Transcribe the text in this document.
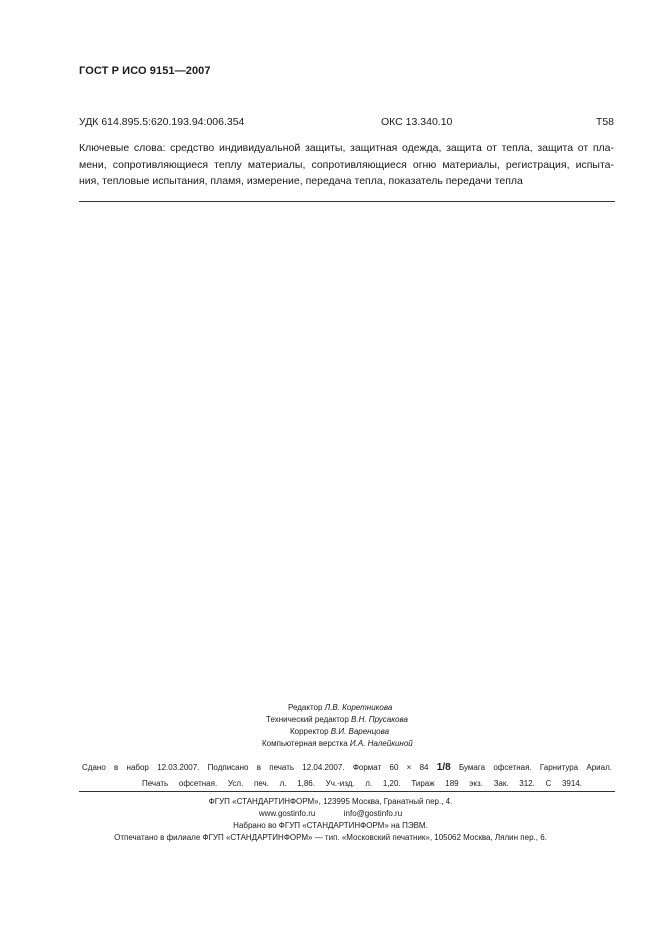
ГОСТ Р ИСО 9151—2007
УДК 614.895.5:620.193.94:006.354	ОКС 13.340.10	Т58
Ключевые слова: средство индивидуальной защиты, защитная одежда, защита от тепла, защита от пла-
мени, сопротивляющиеся теплу материалы, сопротивляющиеся огню материалы, регистрация, испыта-
ния, тепловые испытания, пламя, измерение, передача тепла, показатель передачи тепла
Редактор Л.В. Коретникова
Технический редактор В.Н. Прусакова
Корректор В.И. Варенцова
Компьютерная верстка И.А. Налейкиной
Сдано в набор 12.03.2007. Подписано в печать 12.04.2007. Формат 60 × 84 1/8 Бумага офсетная. Гарнитура Ариал.
Печать офсетная. Усл. печ. л. 1,86. Уч.-изд. л. 1,20. Тираж 189 экз. Зак. 312. С 3914.
ФГУП «СТАНДАРТИНФОРМ», 123995 Москва, Гранатный пер., 4.
www.gostinfo.ru	info@gostinfo.ru
Набрано во ФГУП «СТАНДАРТИНФОРМ» на ПЭВМ.
Отпечатано в филиале ФГУП «СТАНДАРТИНФОРМ» — тип. «Московский печатник», 105062 Москва, Лялин пер., 6.
